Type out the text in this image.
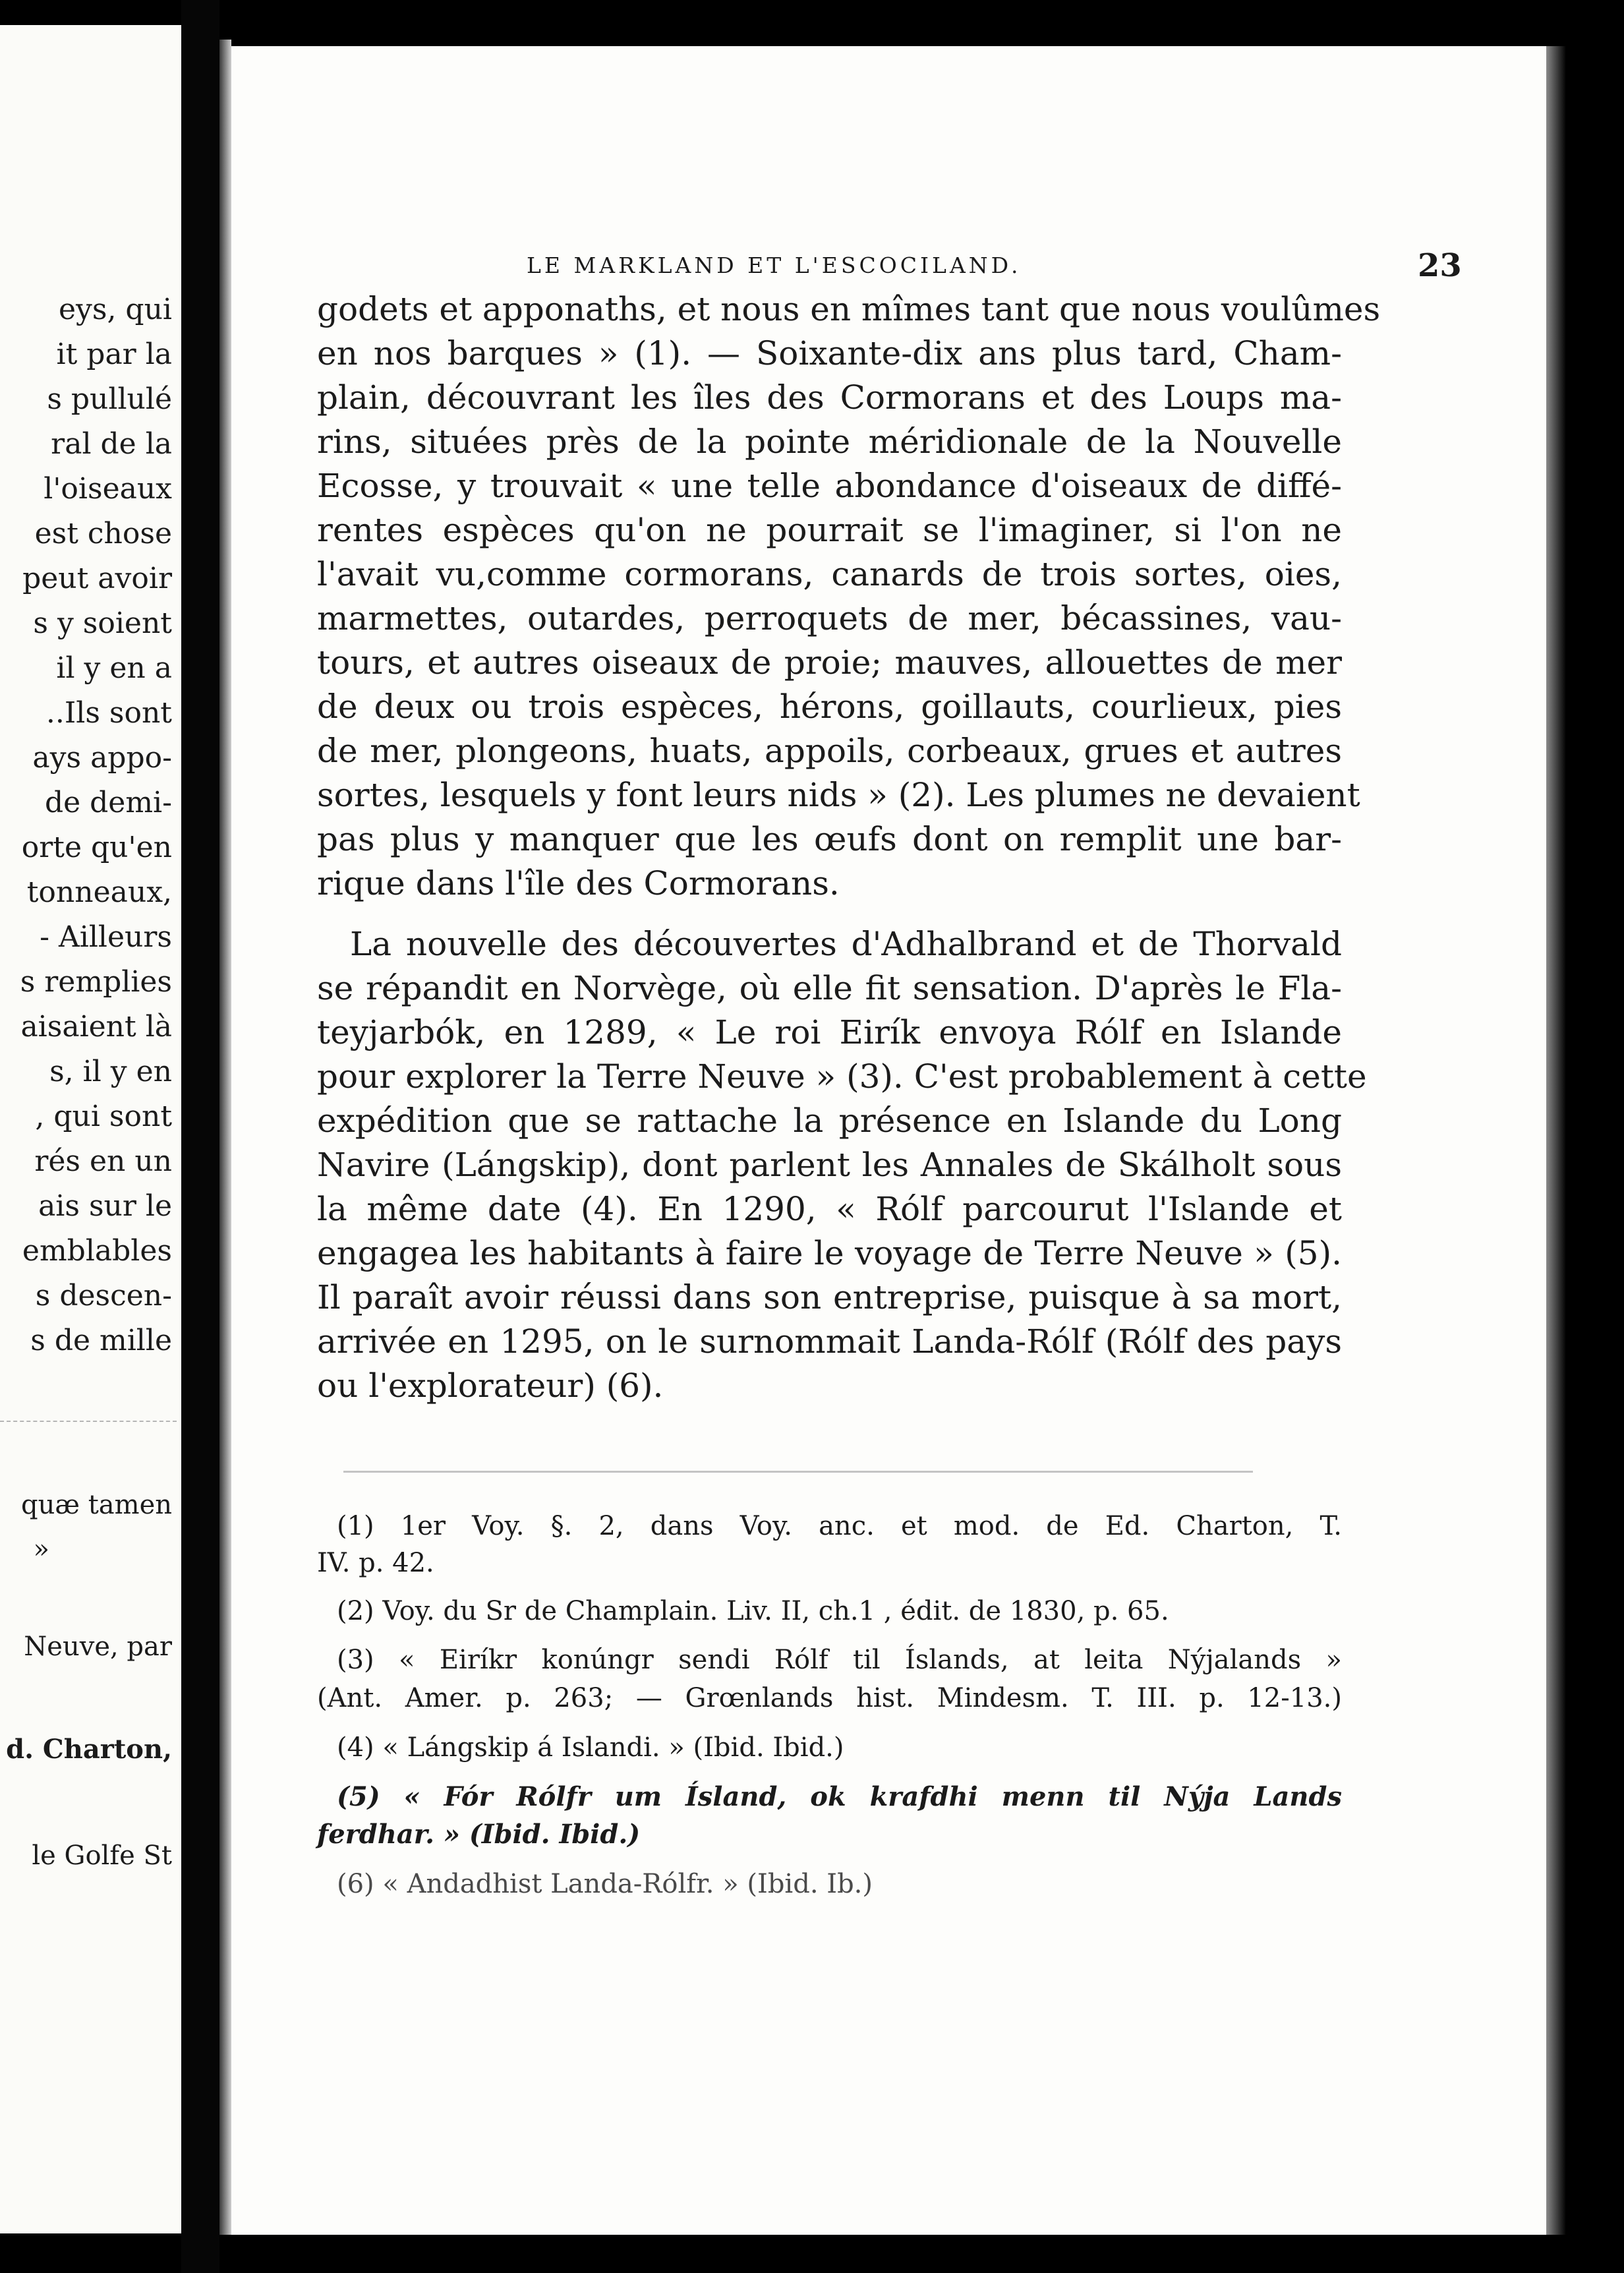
eys, qui
it par la
s pullulé
ral de la
l'oiseaux
est chose
peut avoir
s y soient
il y en a
..Ils sont
ays appo-
de demi-
orte qu'en
tonneaux,
- Ailleurs
s remplies
aisaient là
s, il y en
, qui sont
rés en un
ais sur le
emblables
s descen-
s de mille
quæ tamen
»
Neuve, par
d. Charton,
le Golfe St
LE MARKLAND ET L'ESCOCILAND.	23
godets et apponaths, et nous en mîmes tant que nous voulûmes
en nos barques » (1). — Soixante-dix ans plus tard, Cham-
plain, découvrant les îles des Cormorans et des Loups ma-
rins, situées près de la pointe méridionale de la Nouvelle
Ecosse, y trouvait « une telle abondance d'oiseaux de diffé-
rentes espèces qu'on ne pourrait se l'imaginer, si l'on ne
l'avait vu,comme cormorans, canards de trois sortes, oies,
marmettes, outardes, perroquets de mer, bécassines, vau-
tours, et autres oiseaux de proie; mauves, allouettes de mer
de deux ou trois espèces, hérons, goillauts, courlieux, pies
de mer, plongeons, huats, appoils, corbeaux, grues et autres
sortes, lesquels y font leurs nids » (2). Les plumes ne devaient
pas plus y manquer que les œufs dont on remplit une bar-
rique dans l'île des Cormorans.
La nouvelle des découvertes d'Adhalbrand et de Thorvald
se répandit en Norvège, où elle fit sensation. D'après le Fla-
teyjarbók, en 1289, « Le roi Eirík envoya Rólf en Islande
pour explorer la Terre Neuve » (3). C'est probablement à cette
expédition que se rattache la présence en Islande du Long
Navire (Lángskip), dont parlent les Annales de Skálholt sous
la même date (4). En 1290, « Rólf parcourut l'Islande et
engagea les habitants à faire le voyage de Terre Neuve » (5).
Il paraît avoir réussi dans son entreprise, puisque à sa mort,
arrivée en 1295, on le surnommait Landa-Rólf (Rólf des pays
ou l'explorateur) (6).
(1) 1er Voy. §. 2, dans Voy. anc. et mod. de Ed. Charton, T.
IV. p. 42.
(2) Voy. du Sr de Champlain. Liv. II, ch.1 , édit. de 1830, p. 65.
(3) « Eiríkr konúngr sendi Rólf til Íslands, at leita Nýjalands »
(Ant. Amer. p. 263; — Grœnlands hist. Mindesm. T. III. p. 12-13.)
(4) « Lángskip á Islandi. » (Ibid. Ibid.)
(5) « Fór Rólfr um Ísland, ok krafdhi menn til Nýja Lands
ferdhar. » (Ibid. Ibid.)
(6) « Andadhist Landa-Rólfr. » (Ibid. Ib.)
